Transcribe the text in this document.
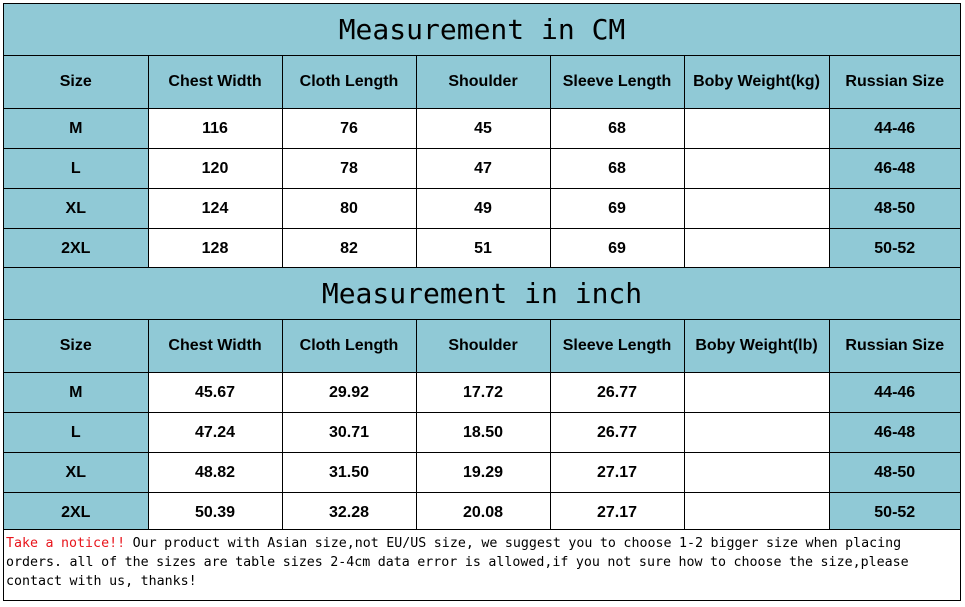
Measurement in CM
Size	Chest Width	Cloth Length	Shoulder	Sleeve Length	Boby Weight(kg)	Russian Size
M	116	76	45	68		44-46
L	120	78	47	68		46-48
XL	124	80	49	69		48-50
2XL	128	82	51	69		50-52
Measurement in inch
Size	Chest Width	Cloth Length	Shoulder	Sleeve Length	Boby Weight(lb)	Russian Size
M	45.67	29.92	17.72	26.77		44-46
L	47.24	30.71	18.50	26.77		46-48
XL	48.82	31.50	19.29	27.17		48-50
2XL	50.39	32.28	20.08	27.17		50-52
Take a notice!! Our product with Asian size,not EU/US size, we suggest you to choose 1-2 bigger size when placing orders. all of the sizes are table sizes 2-4cm data error is allowed,if you not sure how to choose the size,please contact with us, thanks!
